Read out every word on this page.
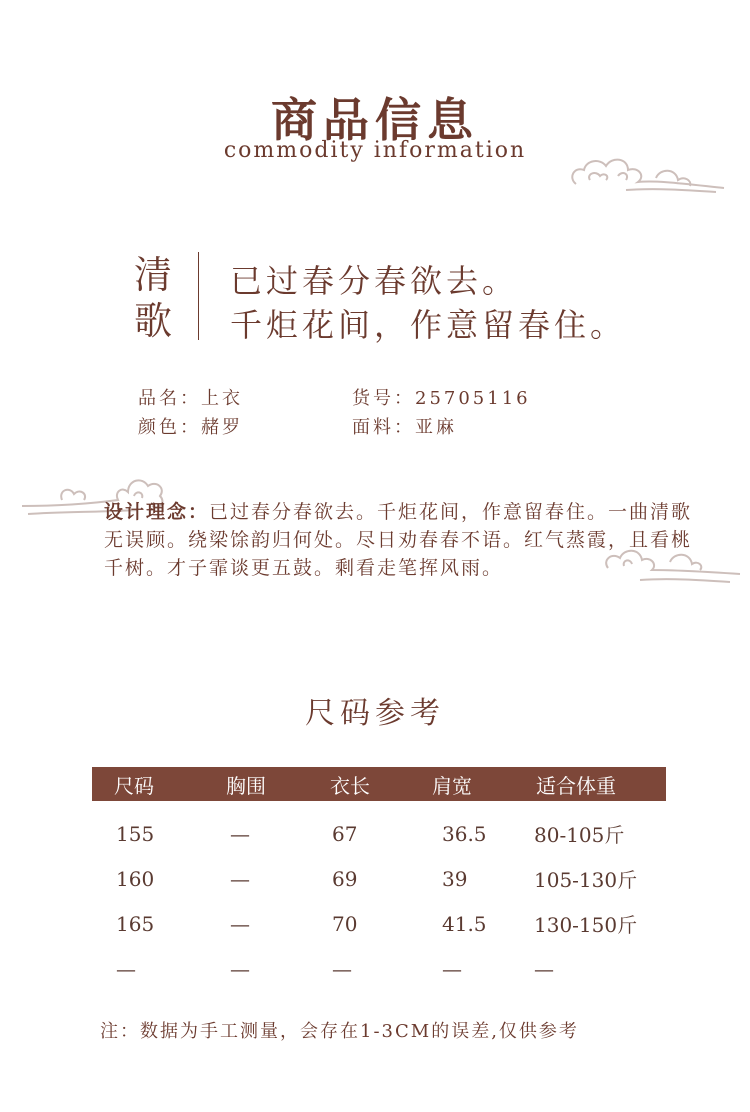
商品信息
commodity information
清
歌
已过春分春欲去。
千炬花间，作意留春住。
品名：上衣	货号：25705116
颜色：赭罗	面料：亚麻
设计理念：已过春分春欲去。千炬花间，作意留春住。一曲清歌无误顾。绕梁馀韵归何处。尽日劝春春不语。红气蒸霞，且看桃千树。才子霏谈更五鼓。剩看走笔挥风雨。
尺码参考
尺码	胸围	衣长	肩宽	适合体重
155	—	67	36.5	80-105斤
160	—	69	39	105-130斤
165	—	70	41.5	130-150斤
—	—	—	—	—
注：数据为手工测量，会存在1-3CM的误差,仅供参考
